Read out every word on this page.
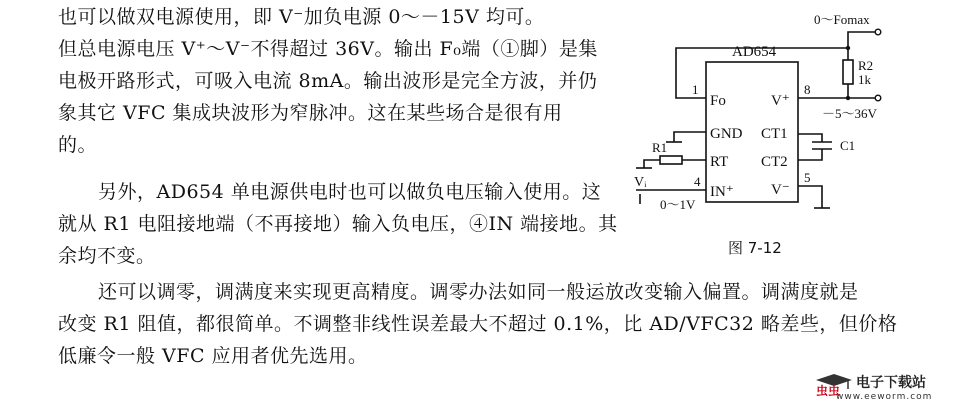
也可以做双电源使用，即 V⁻加负电源 0～－15V 均可。
但总电源电压 V⁺～V⁻不得超过 36V。输出 F₀端（①脚）是集
电极开路形式，可吸入电流 8mA。输出波形是完全方波，并仍
象其它 VFC 集成块波形为窄脉冲。这在某些场合是很有用
的。
另外，AD654 单电源供电时也可以做负电压输入使用。这
就从 R1 电阻接地端（不再接地）输入负电压，④IN 端接地。其
余均不变。
还可以调零，调满度来实现更高精度。调零办法如同一般运放改变输入偏置。调满度就是
改变 R1 阻值，都很简单。不调整非线性误差最大不超过 0.1%，比 AD/VFC32 略差些，但价格
低廉令一般 VFC 应用者优先选用。
AD654
Fo	V⁺
GND CT1
RT CT2
IN⁺ V⁻
1	8
4	5
0～Fomax
R2
1k
－5～36V
C1
R1
Vᵢ
0～1V
图 7-12
虫虫 电子下载站
www.eeworm.com
